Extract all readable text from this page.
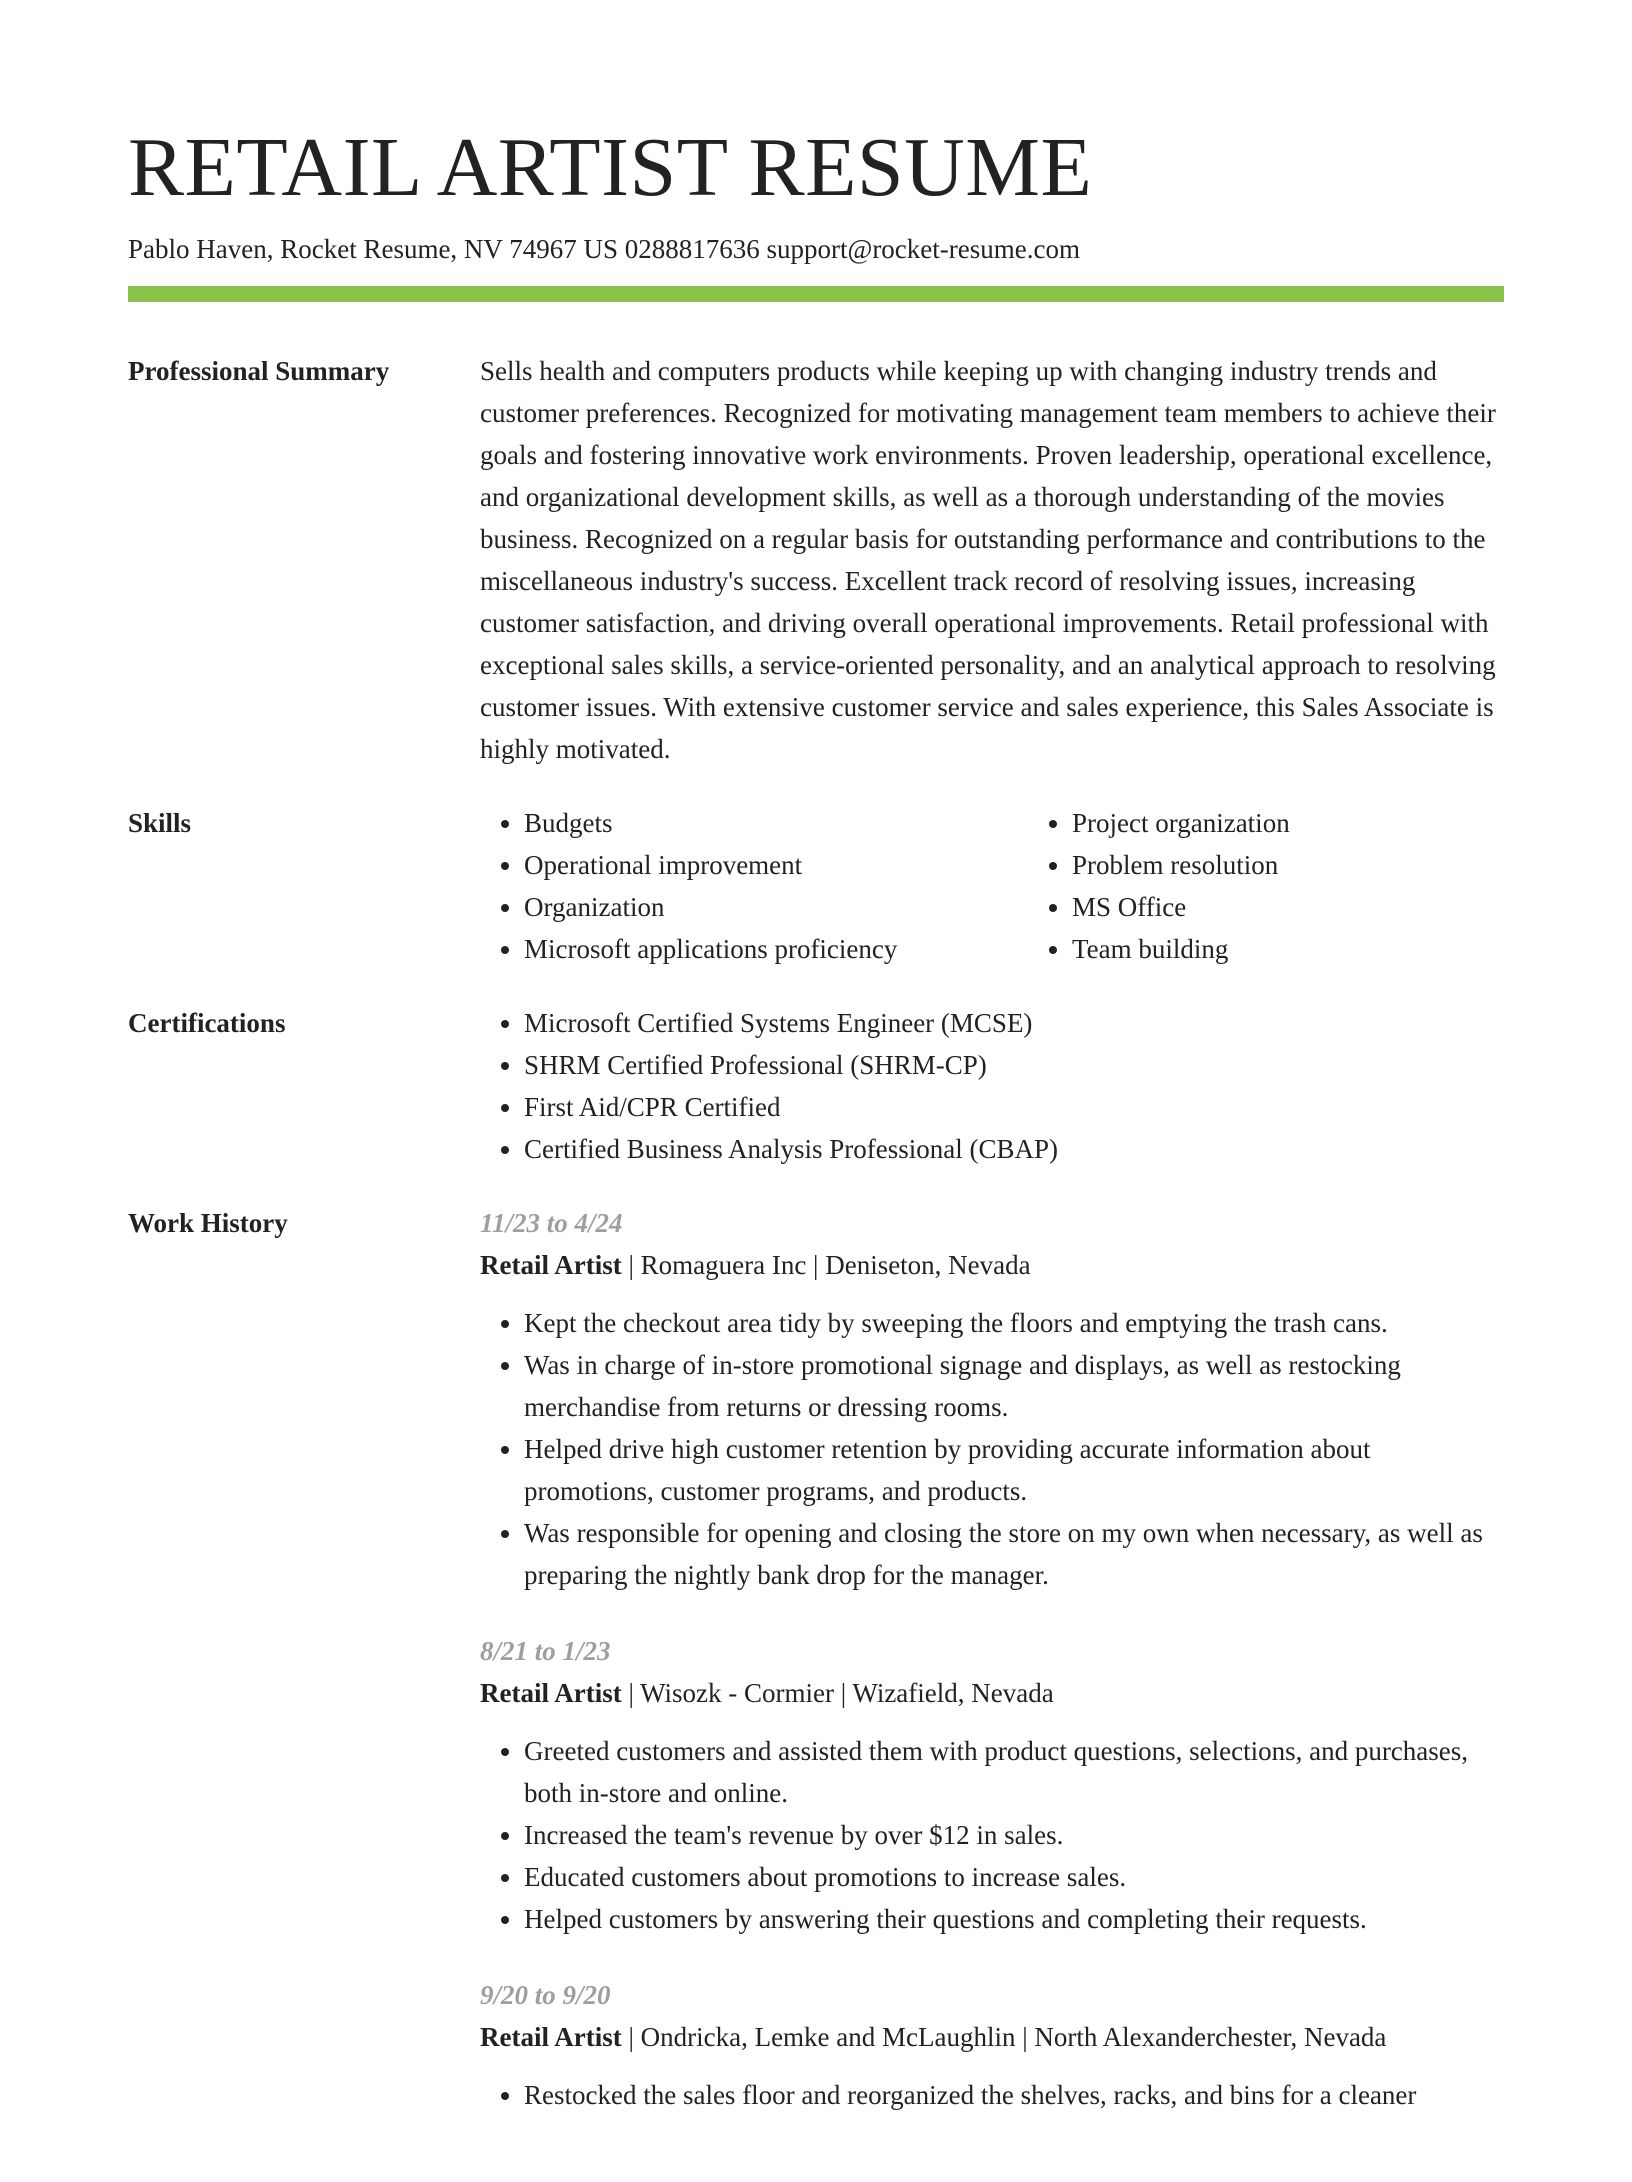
RETAIL ARTIST RESUME
Pablo Haven, Rocket Resume, NV 74967 US 0288817636 support@rocket-resume.com
Professional Summary	Sells health and computers products while keeping up with changing industry trends and customer preferences. Recognized for motivating management team members to achieve their goals and fostering innovative work environments. Proven leadership, operational excellence, and organizational development skills, as well as a thorough understanding of the movies business. Recognized on a regular basis for outstanding performance and contributions to the miscellaneous industry's success. Excellent track record of resolving issues, increasing customer satisfaction, and driving overall operational improvements. Retail professional with exceptional sales skills, a service-oriented personality, and an analytical approach to resolving customer issues. With extensive customer service and sales experience, this Sales Associate is highly motivated.

Skills	• Budgets
• Operational improvement
• Organization
• Microsoft applications proficiency
• Project organization
• Problem resolution
• MS Office
• Team building
Certifications	• Microsoft Certified Systems Engineer (MCSE)
• SHRM Certified Professional (SHRM-CP)
• First Aid/CPR Certified
• Certified Business Analysis Professional (CBAP)
Work History	11/23 to 4/24
Retail Artist | Romaguera Inc | Deniseton, Nevada
• Kept the checkout area tidy by sweeping the floors and emptying the trash cans.
• Was in charge of in-store promotional signage and displays, as well as restocking merchandise from returns or dressing rooms.
• Helped drive high customer retention by providing accurate information about promotions, customer programs, and products.
• Was responsible for opening and closing the store on my own when necessary, as well as preparing the nightly bank drop for the manager.
8/21 to 1/23
Retail Artist | Wisozk - Cormier | Wizafield, Nevada
• Greeted customers and assisted them with product questions, selections, and purchases, both in-store and online.
• Increased the team's revenue by over $12 in sales.
• Educated customers about promotions to increase sales.
• Helped customers by answering their questions and completing their requests.
9/20 to 9/20
Retail Artist | Ondricka, Lemke and McLaughlin | North Alexanderchester, Nevada
• Restocked the sales floor and reorganized the shelves, racks, and bins for a cleaner
